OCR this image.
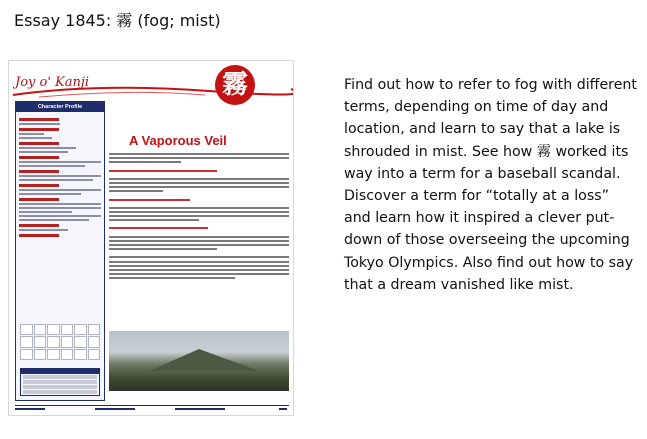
Essay 1845: 霧 (fog; mist)
Joy o' Kanji	霧
Character Profile
A Vaporous Veil
Find out how to refer to fog with different terms, depending on time of day and location, and learn to say that a lake is shrouded in mist. See how 霧 worked its way into a term for a baseball scandal. Discover a term for “totally at a loss” and learn how it inspired a clever put-down of those overseeing the upcoming Tokyo Olympics. Also find out how to say that a dream vanished like mist.
